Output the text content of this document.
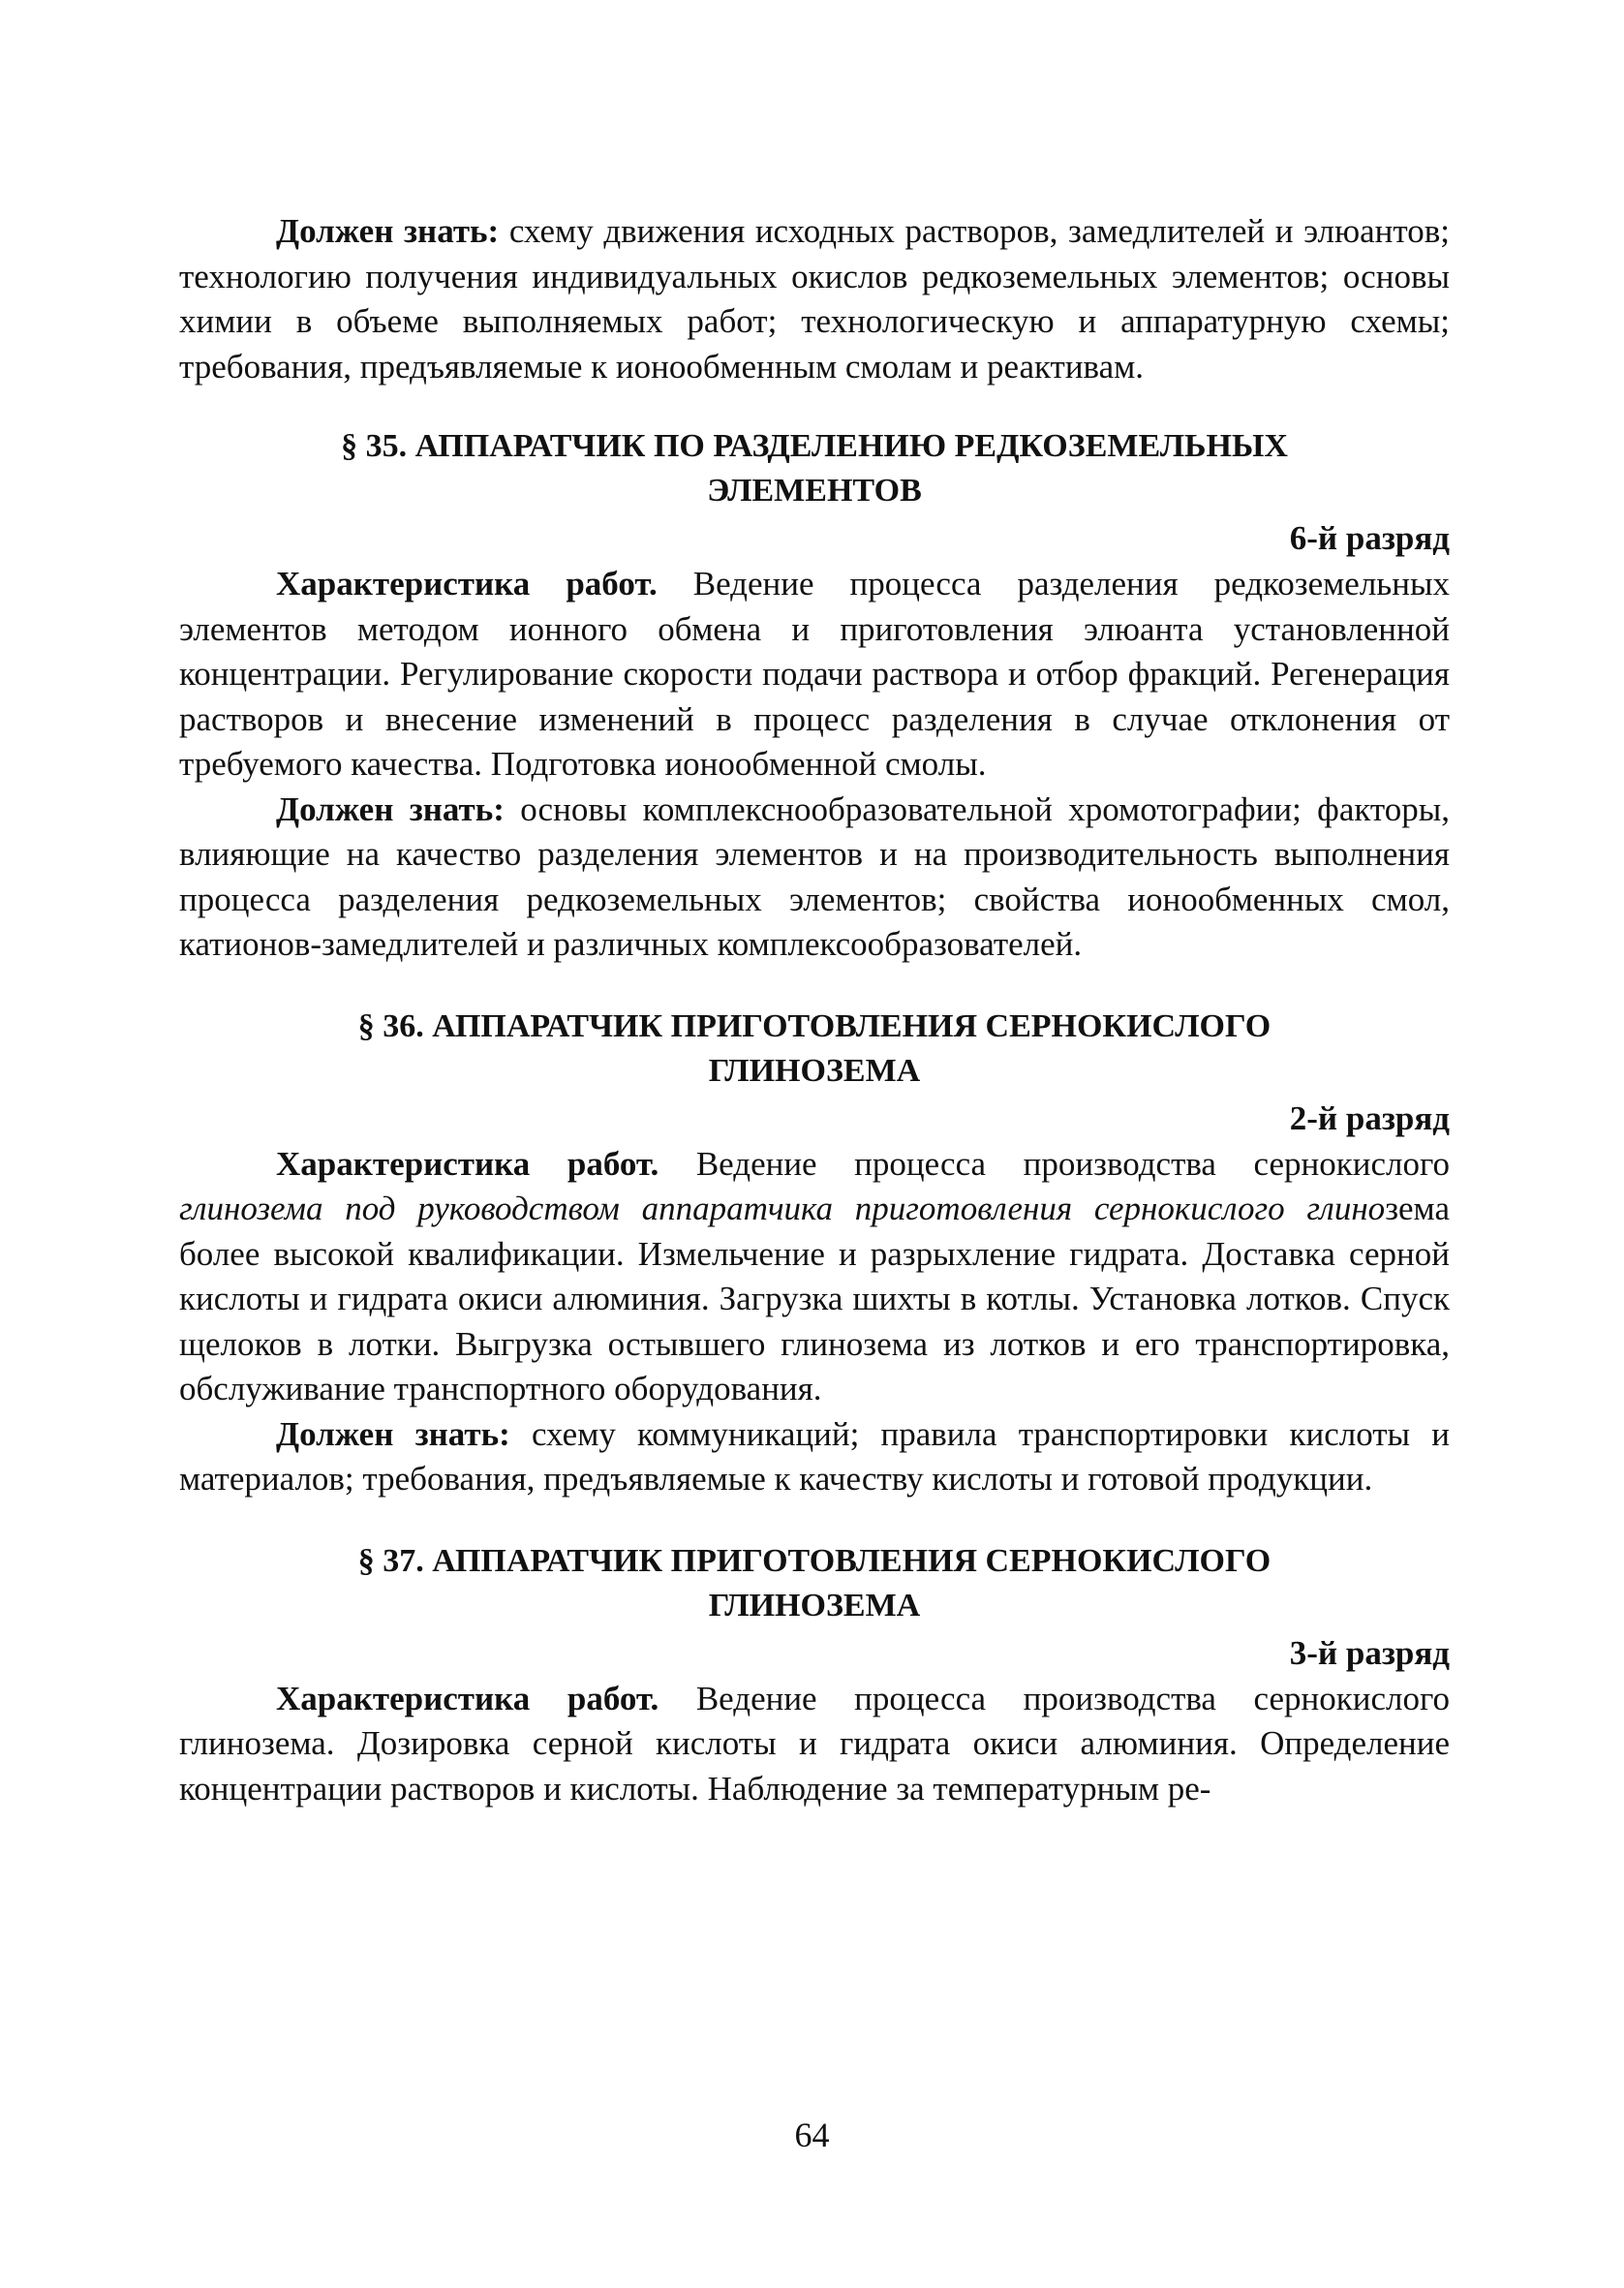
Должен знать: схему движения исходных растворов, замедлителей и элюантов; технологию получения индивидуальных окислов редкоземельных элементов; основы химии в объеме выполняемых работ; технологическую и аппаратурную схемы; требования, предъявляемые к ионообменным смолам и реактивам.

§ 35. АППАРАТЧИК ПО РАЗДЕЛЕНИЮ РЕДКОЗЕМЕЛЬНЫХ
ЭЛЕМЕНТОВ
6-й разряд

Характеристика работ. Ведение процесса разделения редкоземельных элементов методом ионного обмена и приготовления элюанта установленной концентрации. Регулирование скорости подачи раствора и отбор фракций. Регенерация растворов и внесение изменений в процесс разделения в случае отклонения от требуемого качества. Подготовка ионообменной смолы.

Должен знать: основы комплекснообразовательной хромотографии; факторы, влияющие на качество разделения элементов и на производительность выполнения процесса разделения редкоземельных элементов; свойства ионообменных смол, катионов-замедлителей и различных комплексообразователей.

§ 36. АППАРАТЧИК ПРИГОТОВЛЕНИЯ СЕРНОКИСЛОГО
ГЛИНОЗЕМА
2-й разряд

Характеристика работ. Ведение процесса производства сернокислого глинозема под руководством аппаратчика приготовления сернокислого глинозема более высокой квалификации. Измельчение и разрыхление гидрата. Доставка серной кислоты и гидрата окиси алюминия. Загрузка шихты в котлы. Установка лотков. Спуск щелоков в лотки. Выгрузка остывшего глинозема из лотков и его транспортировка, обслуживание транспортного оборудования.

Должен знать: схему коммуникаций; правила транспортировки кислоты и материалов; требования, предъявляемые к качеству кислоты и готовой продукции.

§ 37. АППАРАТЧИК ПРИГОТОВЛЕНИЯ СЕРНОКИСЛОГО
ГЛИНОЗЕМА
3-й разряд

Характеристика работ. Ведение процесса производства сернокислого глинозема. Дозировка серной кислоты и гидрата окиси алюминия. Определение концентрации растворов и кислоты. Наблюдение за температурным ре-

64
